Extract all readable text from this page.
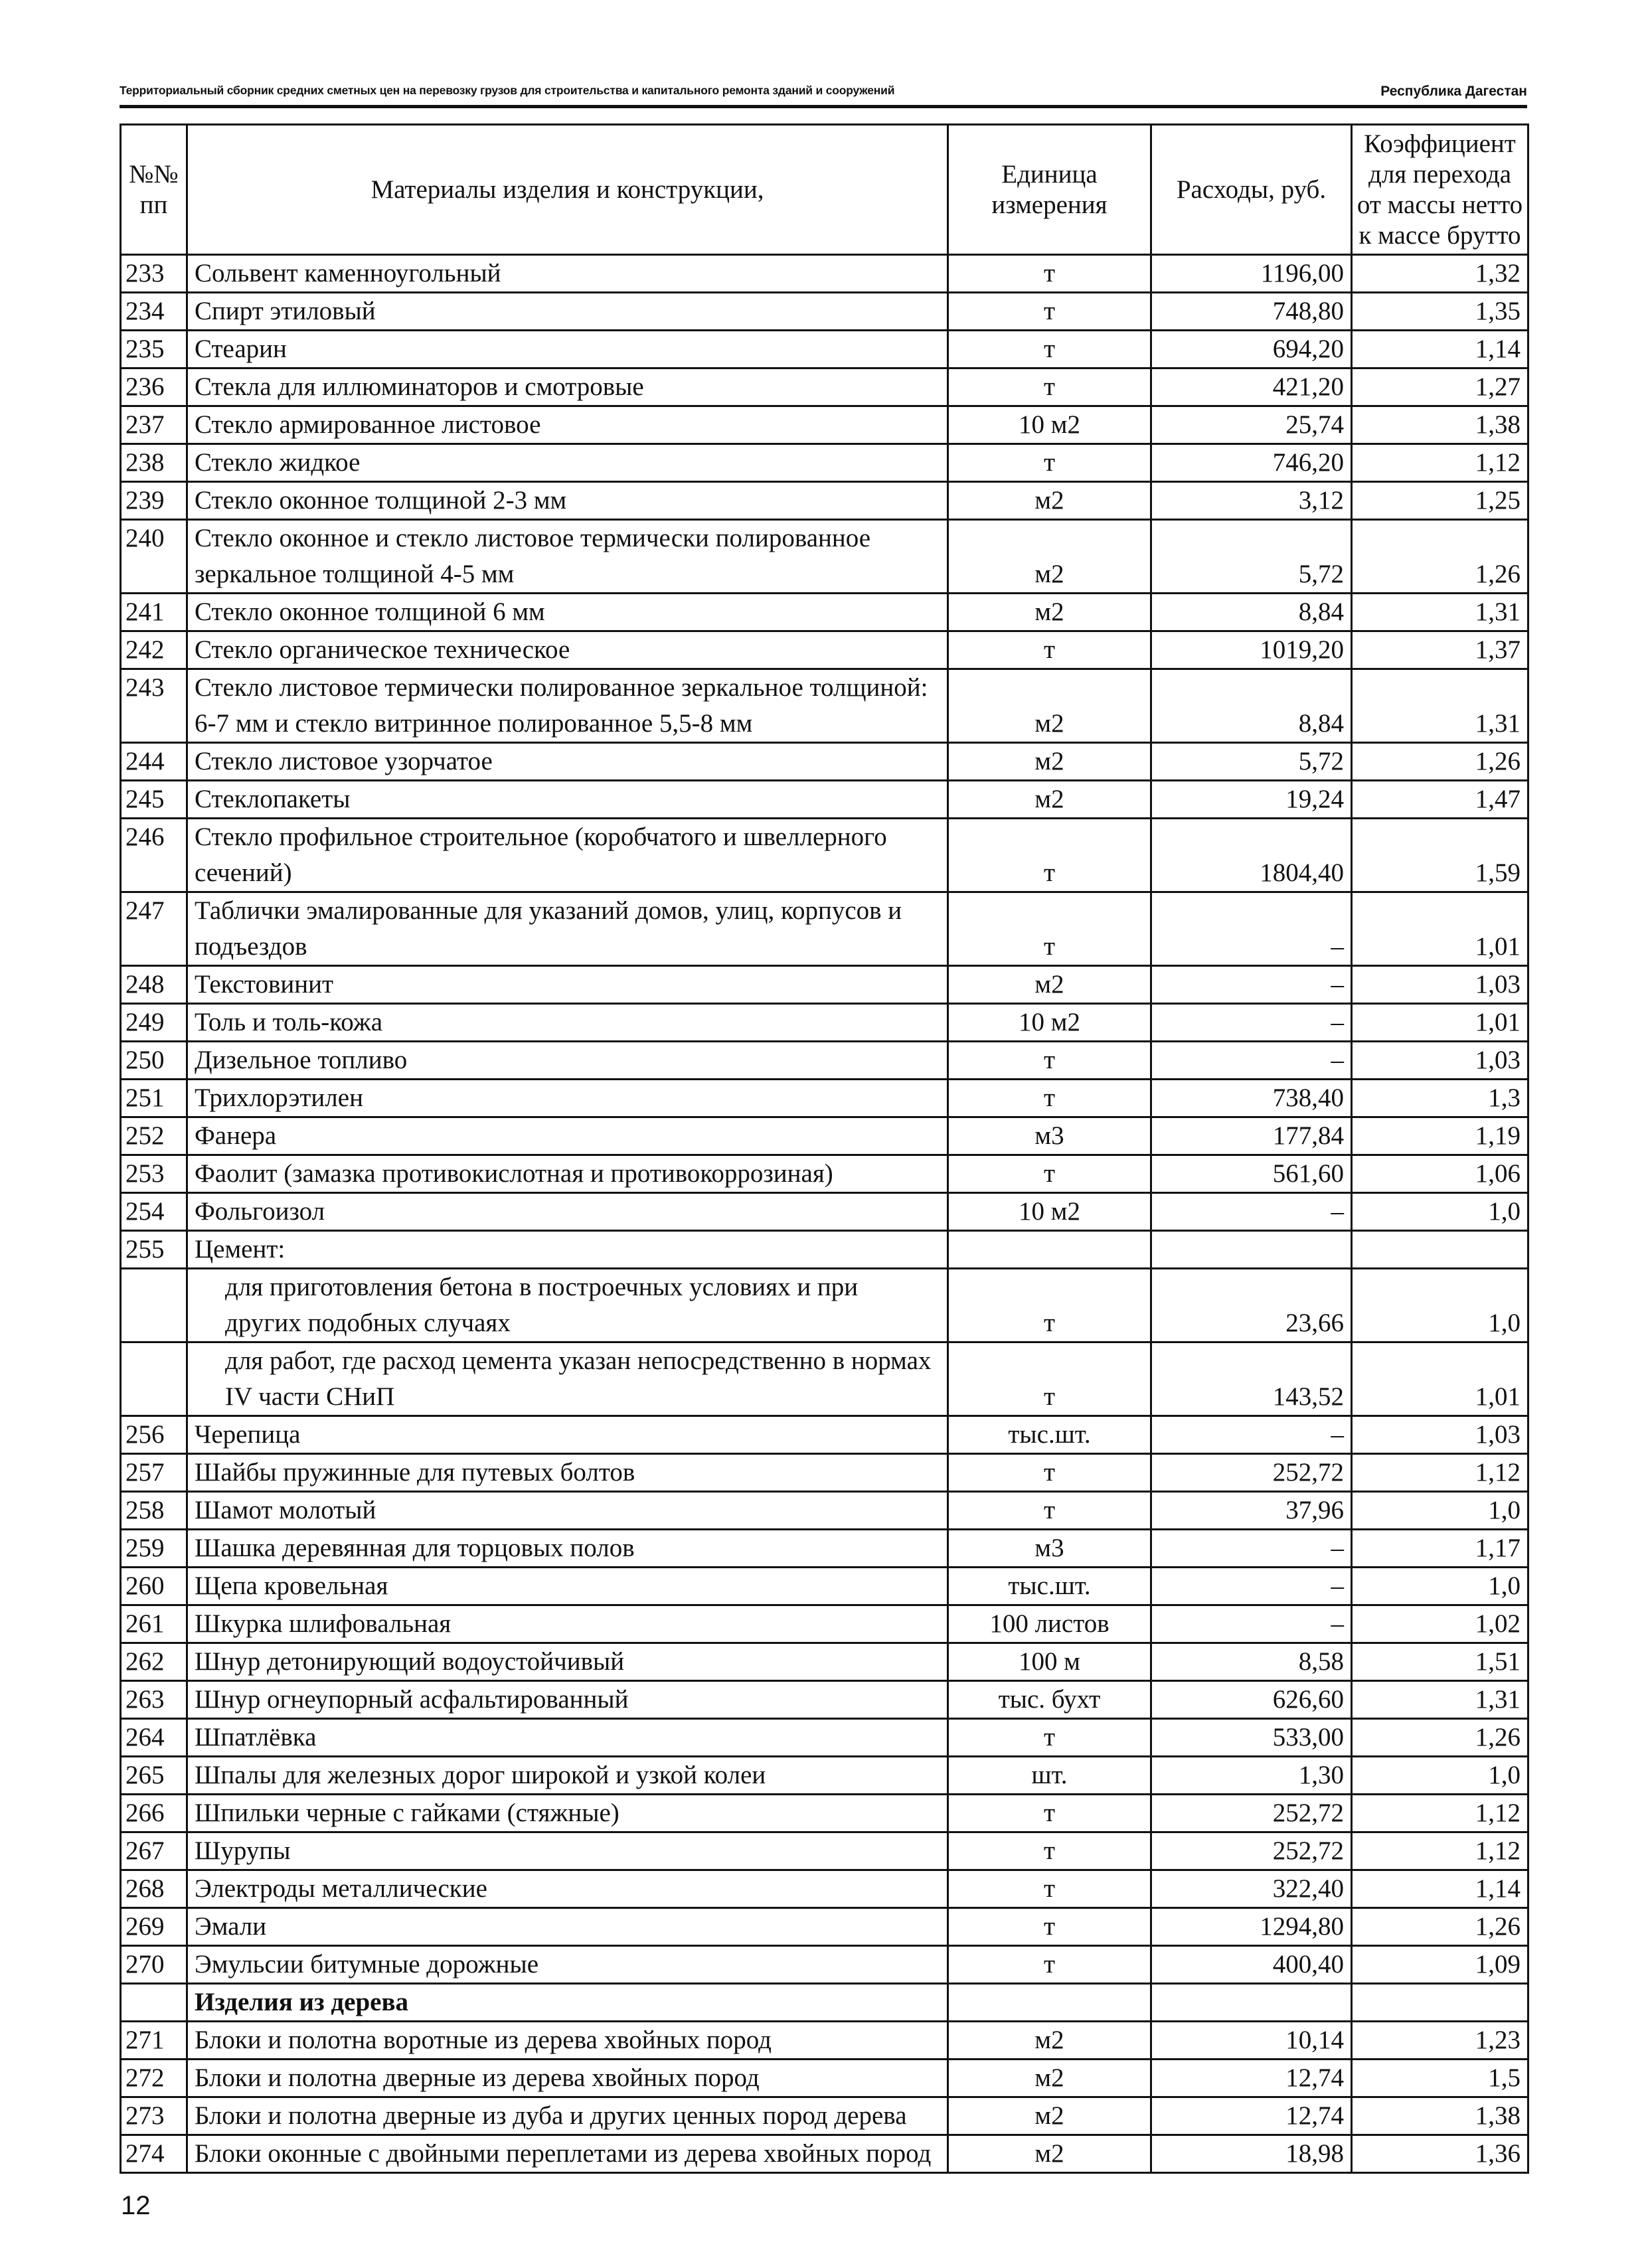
Территориальный сборник средних сметных цен на перевозку грузов для строительства и капитального ремонта зданий и сооружений	Республика Дагестан
№№ пп	Материалы изделия и конструкции,	Единица измерения	Расходы, руб.	Коэффициент для перехода от массы нетто к массе брутто
233	Сольвент каменноугольный	т	1196,00	1,32
234	Спирт этиловый	т	748,80	1,35
235	Стеарин	т	694,20	1,14
236	Стекла для иллюминаторов и смотровые	т	421,20	1,27
237	Стекло армированное листовое	10 м2	25,74	1,38
238	Стекло жидкое	т	746,20	1,12
239	Стекло оконное толщиной 2-3 мм	м2	3,12	1,25
240	Стекло оконное и стекло листовое термически полированное зеркальное толщиной 4-5 мм	м2	5,72	1,26
241	Стекло оконное толщиной 6 мм	м2	8,84	1,31
242	Стекло органическое техническое	т	1019,20	1,37
243	Стекло листовое термически полированное зеркальное толщиной: 6-7 мм и стекло витринное полированное 5,5-8 мм	м2	8,84	1,31
244	Стекло листовое узорчатое	м2	5,72	1,26
245	Стеклопакеты	м2	19,24	1,47
246	Стекло профильное строительное (коробчатого и швеллерного сечений)	т	1804,40	1,59
247	Таблички эмалированные для указаний домов, улиц, корпусов и подъездов	т	–	1,01
248	Текстовинит	м2	–	1,03
249	Толь и толь-кожа	10 м2	–	1,01
250	Дизельное топливо	т	–	1,03
251	Трихлорэтилен	т	738,40	1,3
252	Фанера	м3	177,84	1,19
253	Фаолит (замазка противокислотная и противокоррозиная)	т	561,60	1,06
254	Фольгоизол	10 м2	–	1,0
255	Цемент:			
	для приготовления бетона в построечных условиях и при других подобных случаях	т	23,66	1,0
	для работ, где расход цемента указан непосредственно в нормах IV части СНиП	т	143,52	1,01
256	Черепица	тыс.шт.	–	1,03
257	Шайбы пружинные для путевых болтов	т	252,72	1,12
258	Шамот молотый	т	37,96	1,0
259	Шашка деревянная для торцовых полов	м3	–	1,17
260	Щепа кровельная	тыс.шт.	–	1,0
261	Шкурка шлифовальная	100 листов	–	1,02
262	Шнур детонирующий водоустойчивый	100 м	8,58	1,51
263	Шнур огнеупорный асфальтированный	тыс. бухт	626,60	1,31
264	Шпатлёвка	т	533,00	1,26
265	Шпалы для железных дорог широкой и узкой колеи	шт.	1,30	1,0
266	Шпильки черные с гайками (стяжные)	т	252,72	1,12
267	Шурупы	т	252,72	1,12
268	Электроды металлические	т	322,40	1,14
269	Эмали	т	1294,80	1,26
270	Эмульсии битумные дорожные	т	400,40	1,09
	Изделия из дерева			
271	Блоки и полотна воротные из дерева хвойных пород	м2	10,14	1,23
272	Блоки и полотна дверные из дерева хвойных пород	м2	12,74	1,5
273	Блоки и полотна дверные из дуба и других ценных пород дерева	м2	12,74	1,38
274	Блоки оконные с двойными переплетами из дерева хвойных пород	м2	18,98	1,36
12
